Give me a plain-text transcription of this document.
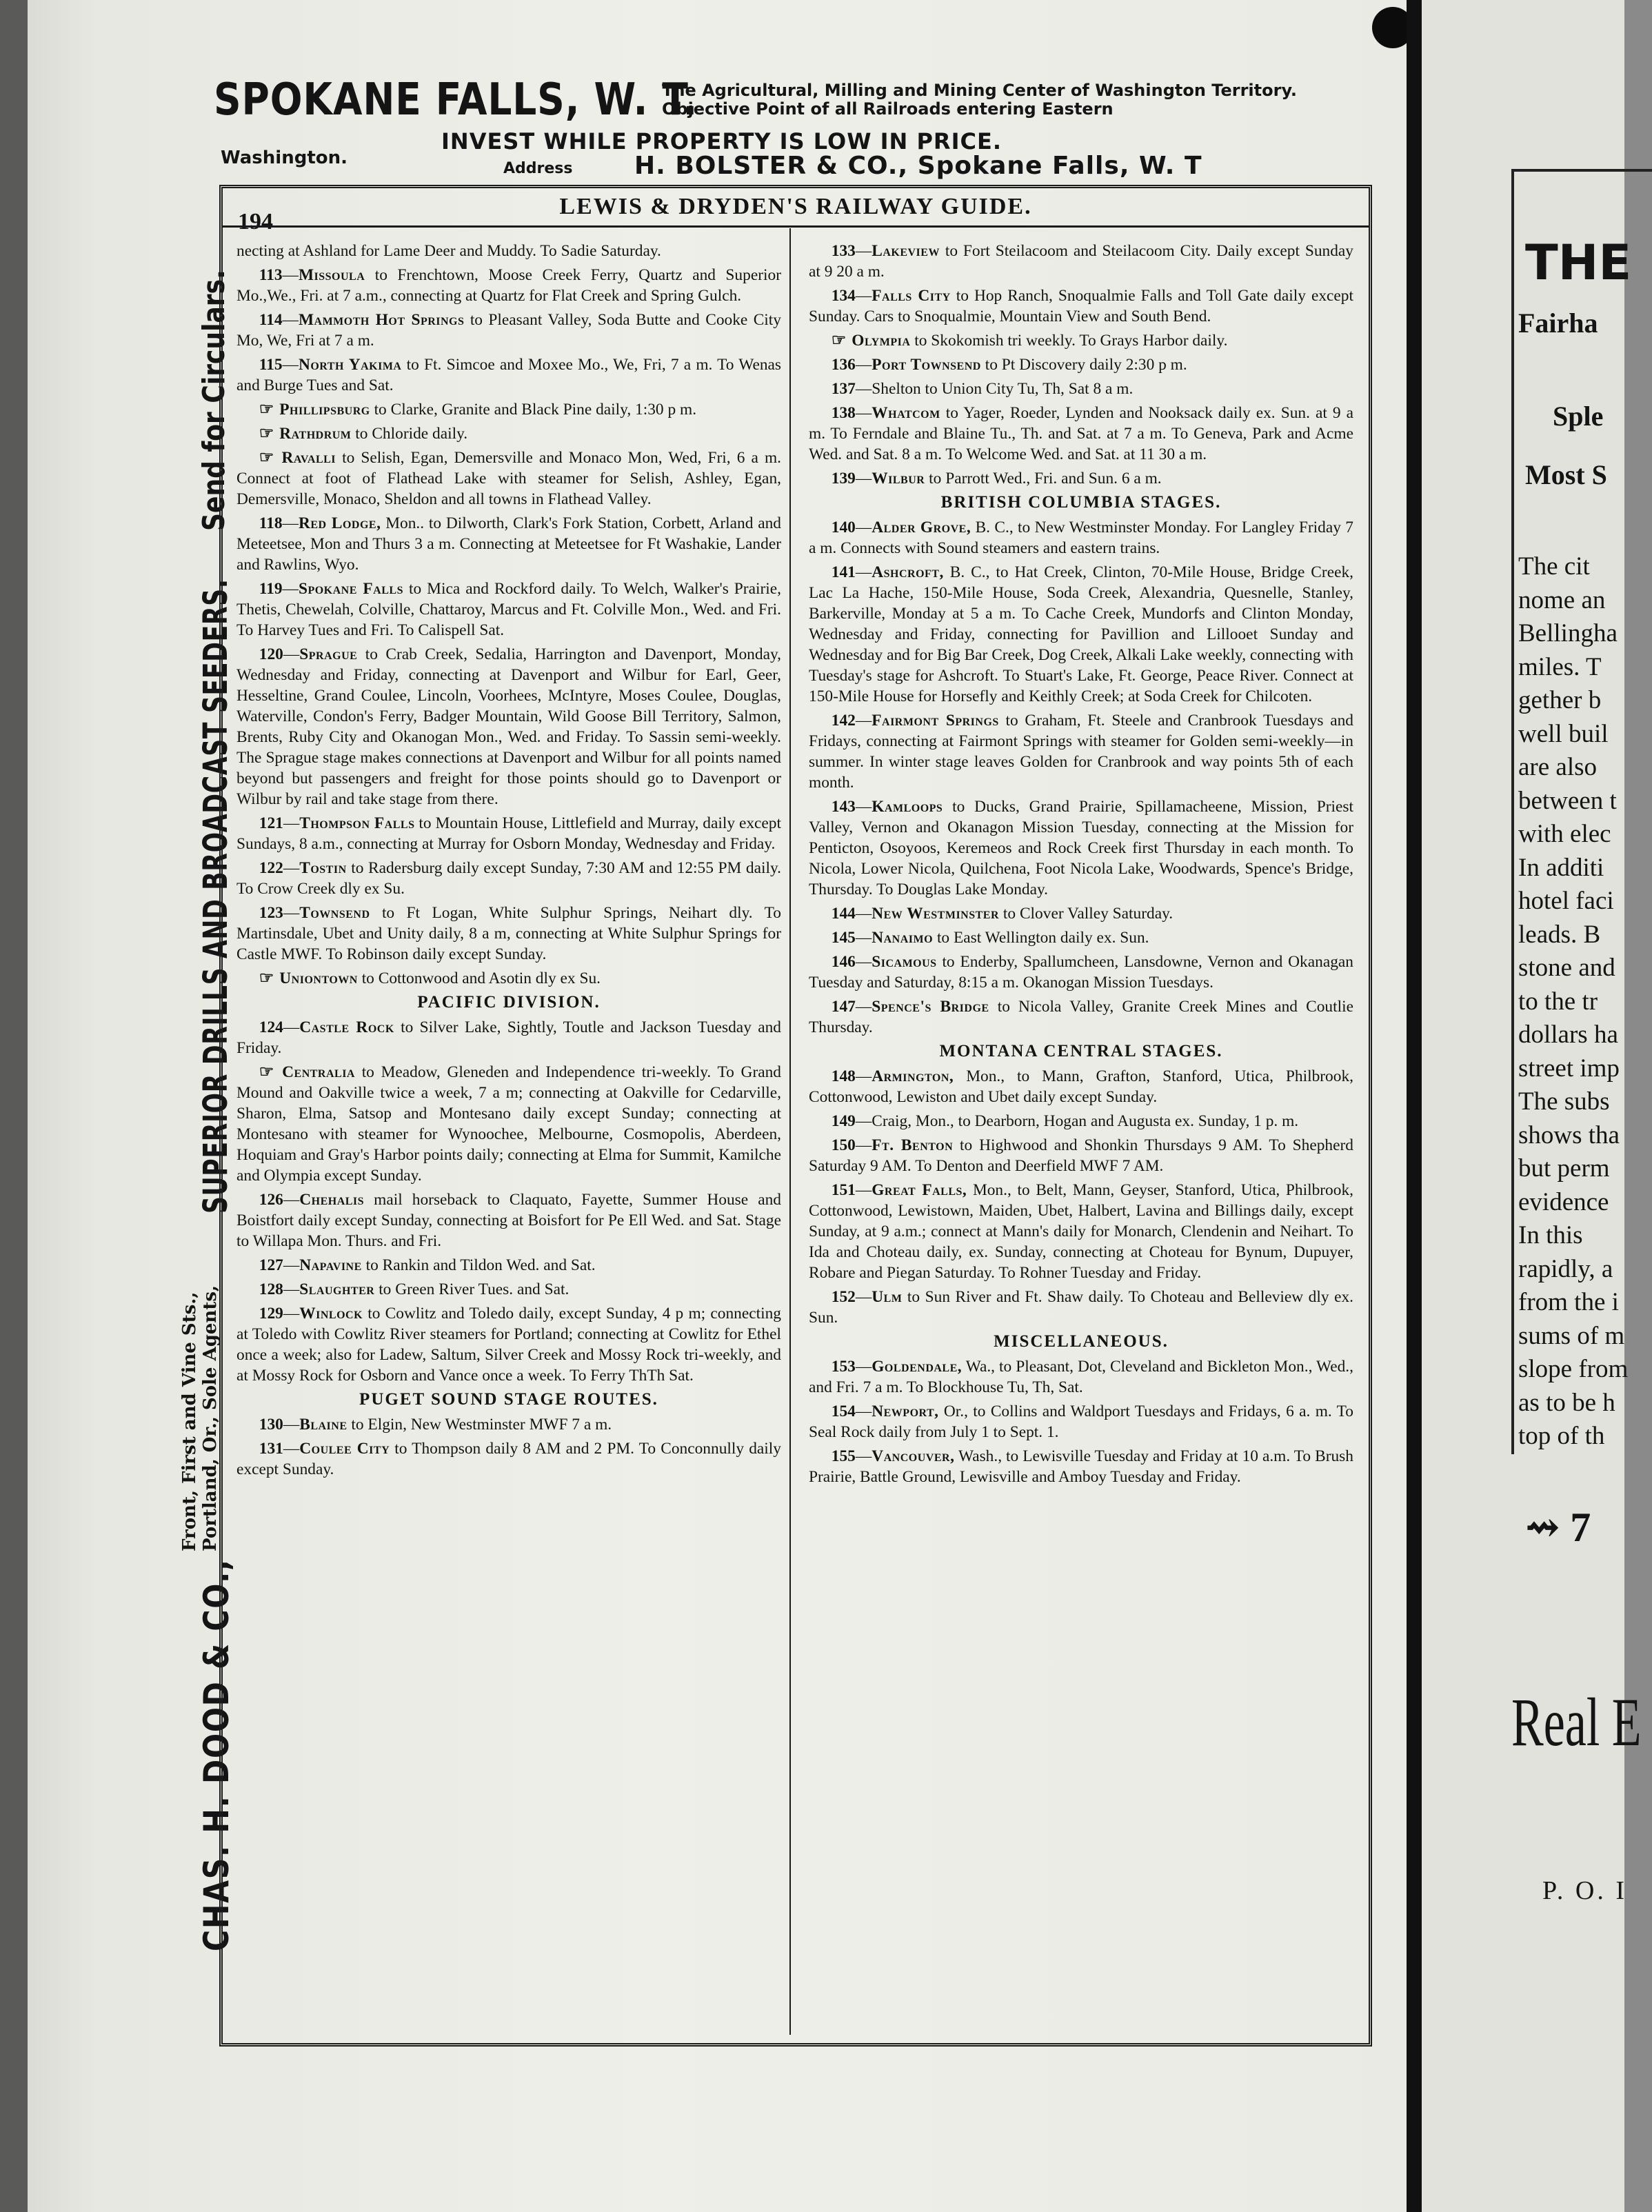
SPOKANE FALLS, W. T.
The Agricultural, Milling and Mining Center of Washington Territory. Objective Point of all Railroads entering Eastern
INVEST WHILE PROPERTY IS LOW IN PRICE.
Washington.
Address H. BOLSTER & CO., Spokane Falls, W. T
CHAS. H. DOOD & CO.,
Front, First and Vine Sts., Portland, Or., Sole Agents,
SUPERIOR DRILLS AND BROADCAST SEEDERS.
Send for Circulars.
194
LEWIS & DRYDEN'S RAILWAY GUIDE.

necting at Ashland for Lame Deer and Muddy. To Sadie Saturday.

113—Missoula to Frenchtown, Moose Creek Ferry, Quartz and Superior Mo.,We., Fri. at 7 a.m., connecting at Quartz for Flat Creek and Spring Gulch.

114—Mammoth Hot Springs to Pleasant Valley, Soda Butte and Cooke City Mo, We, Fri at 7 a m.

115—North Yakima to Ft. Simcoe and Moxee Mo., We, Fri, 7 a m. To Wenas and Burge Tues and Sat.

☞ Phillipsburg to Clarke, Granite and Black Pine daily, 1:30 p m.

☞ Rathdrum to Chloride daily.

☞ Ravalli to Selish, Egan, Demersville and Monaco Mon, Wed, Fri, 6 a m. Connect at foot of Flathead Lake with steamer for Selish, Ashley, Egan, Demersville, Monaco, Sheldon and all towns in Flathead Valley.

118—Red Lodge, Mon.. to Dilworth, Clark's Fork Station, Corbett, Arland and Meteetsee, Mon and Thurs 3 a m. Connecting at Meteetsee for Ft Washakie, Lander and Rawlins, Wyo.

119—Spokane Falls to Mica and Rockford daily. To Welch, Walker's Prairie, Thetis, Chewelah, Colville, Chattaroy, Marcus and Ft. Colville Mon., Wed. and Fri. To Harvey Tues and Fri. To Calispell Sat.

120—Sprague to Crab Creek, Sedalia, Harrington and Davenport, Monday, Wednesday and Friday, connecting at Davenport and Wilbur for Earl, Geer, Hesseltine, Grand Coulee, Lincoln, Voorhees, McIntyre, Moses Coulee, Douglas, Waterville, Condon's Ferry, Badger Mountain, Wild Goose Bill Territory, Salmon, Brents, Ruby City and Okanogan Mon., Wed. and Friday. To Sassin semi-weekly. The Sprague stage makes connections at Davenport and Wilbur for all points named beyond but passengers and freight for those points should go to Davenport or Wilbur by rail and take stage from there.

121—Thompson Falls to Mountain House, Littlefield and Murray, daily except Sundays, 8 a.m., connecting at Murray for Osborn Monday, Wednesday and Friday.

122—Tostin to Radersburg daily except Sunday, 7:30 AM and 12:55 PM daily. To Crow Creek dly ex Su.

123—Townsend to Ft Logan, White Sulphur Springs, Neihart dly. To Martinsdale, Ubet and Unity daily, 8 a m, connecting at White Sulphur Springs for Castle MWF. To Robinson daily except Sunday.

☞ Uniontown to Cottonwood and Asotin dly ex Su.

PACIFIC DIVISION.

124—Castle Rock to Silver Lake, Sightly, Toutle and Jackson Tuesday and Friday.

☞ Centralia to Meadow, Gleneden and Independence tri-weekly. To Grand Mound and Oakville twice a week, 7 a m; connecting at Oakville for Cedarville, Sharon, Elma, Satsop and Montesano daily except Sunday; connecting at Montesano with steamer for Wynoochee, Melbourne, Cosmopolis, Aberdeen, Hoquiam and Gray's Harbor points daily; connecting at Elma for Summit, Kamilche and Olympia except Sunday.

126—Chehalis mail horseback to Claquato, Fayette, Summer House and Boistfort daily except Sunday, connecting at Boisfort for Pe Ell Wed. and Sat. Stage to Willapa Mon. Thurs. and Fri.

127—Napavine to Rankin and Tildon Wed. and Sat.

128—Slaughter to Green River Tues. and Sat.

129—Winlock to Cowlitz and Toledo daily, except Sunday, 4 p m; connecting at Toledo with Cowlitz River steamers for Portland; connecting at Cowlitz for Ethel once a week; also for Ladew, Saltum, Silver Creek and Mossy Rock tri-weekly, and at Mossy Rock for Osborn and Vance once a week. To Ferry ThTh Sat.

PUGET SOUND STAGE ROUTES.

130—Blaine to Elgin, New Westminster MWF 7 a m.

131—Coulee City to Thompson daily 8 AM and 2 PM. To Conconnully daily except Sunday.

133—Lakeview to Fort Steilacoom and Steilacoom City. Daily except Sunday at 9 20 a m.

134—Falls City to Hop Ranch, Snoqualmie Falls and Toll Gate daily except Sunday. Cars to Snoqualmie, Mountain View and South Bend.

☞ Olympia to Skokomish tri weekly. To Grays Harbor daily.

136—Port Townsend to Pt Discovery daily 2:30 p m.

137—Shelton to Union City Tu, Th, Sat 8 a m.

138—Whatcom to Yager, Roeder, Lynden and Nooksack daily ex. Sun. at 9 a m. To Ferndale and Blaine Tu., Th. and Sat. at 7 a m. To Geneva, Park and Acme Wed. and Sat. 8 a m. To Welcome Wed. and Sat. at 11 30 a m.

139—Wilbur to Parrott Wed., Fri. and Sun. 6 a m.

BRITISH COLUMBIA STAGES.

140—Alder Grove, B. C., to New Westminster Monday. For Langley Friday 7 a m. Connects with Sound steamers and eastern trains.

141—Ashcroft, B. C., to Hat Creek, Clinton, 70-Mile House, Bridge Creek, Lac La Hache, 150-Mile House, Soda Creek, Alexandria, Quesnelle, Stanley, Barkerville, Monday at 5 a m. To Cache Creek, Mundorfs and Clinton Monday, Wednesday and Friday, connecting for Pavillion and Lillooet Sunday and Wednesday and for Big Bar Creek, Dog Creek, Alkali Lake weekly, connecting with Tuesday's stage for Ashcroft. To Stuart's Lake, Ft. George, Peace River. Connect at 150-Mile House for Horsefly and Keithly Creek; at Soda Creek for Chilcoten.

142—Fairmont Springs to Graham, Ft. Steele and Cranbrook Tuesdays and Fridays, connecting at Fairmont Springs with steamer for Golden semi-weekly—in summer. In winter stage leaves Golden for Cranbrook and way points 5th of each month.

143—Kamloops to Ducks, Grand Prairie, Spillamacheene, Mission, Priest Valley, Vernon and Okanagon Mission Tuesday, connecting at the Mission for Penticton, Osoyoos, Keremeos and Rock Creek first Thursday in each month. To Nicola, Lower Nicola, Quilchena, Foot Nicola Lake, Woodwards, Spence's Bridge, Thursday. To Douglas Lake Monday.

144—New Westminster to Clover Valley Saturday.

145—Nanaimo to East Wellington daily ex. Sun.

146—Sicamous to Enderby, Spallumcheen, Lansdowne, Vernon and Okanagan Tuesday and Saturday, 8:15 a m. Okanogan Mission Tuesdays.

147—Spence's Bridge to Nicola Valley, Granite Creek Mines and Coutlie Thursday.

MONTANA CENTRAL STAGES.

148—Armington, Mon., to Mann, Grafton, Stanford, Utica, Philbrook, Cottonwood, Lewiston and Ubet daily except Sunday.

149—Craig, Mon., to Dearborn, Hogan and Augusta ex. Sunday, 1 p. m.

150—Ft. Benton to Highwood and Shonkin Thursdays 9 AM. To Shepherd Saturday 9 AM. To Denton and Deerfield MWF 7 AM.

151—Great Falls, Mon., to Belt, Mann, Geyser, Stanford, Utica, Philbrook, Cottonwood, Lewistown, Maiden, Ubet, Halbert, Lavina and Billings daily, except Sunday, at 9 a.m.; connect at Mann's daily for Monarch, Clendenin and Neihart. To Ida and Choteau daily, ex. Sunday, connecting at Choteau for Bynum, Dupuyer, Robare and Piegan Saturday. To Rohner Tuesday and Friday.

152—Ulm to Sun River and Ft. Shaw daily. To Choteau and Belleview dly ex. Sun.

MISCELLANEOUS.

153—Goldendale, Wa., to Pleasant, Dot, Cleveland and Bickleton Mon., Wed., and Fri. 7 a m. To Blockhouse Tu, Th, Sat.

154—Newport, Or., to Collins and Waldport Tuesdays and Fridays, 6 a. m. To Seal Rock daily from July 1 to Sept. 1.

155—Vancouver, Wash., to Lewisville Tuesday and Friday at 10 a.m. To Brush Prairie, Battle Ground, Lewisville and Amboy Tuesday and Friday.

THE
Fairha
Sple
Most S
The cit
nome an
Bellingha
miles. T
gether b
well buil
are also
between t
with elec
In additi
hotel faci
leads. B
stone and
to the tr
dollars ha
street imp
The subs
shows tha
but perm
evidence
In this
rapidly, a
from the i
sums of m
slope from
as to be h
top of th
⇝ 7
Real E
P. O. I
